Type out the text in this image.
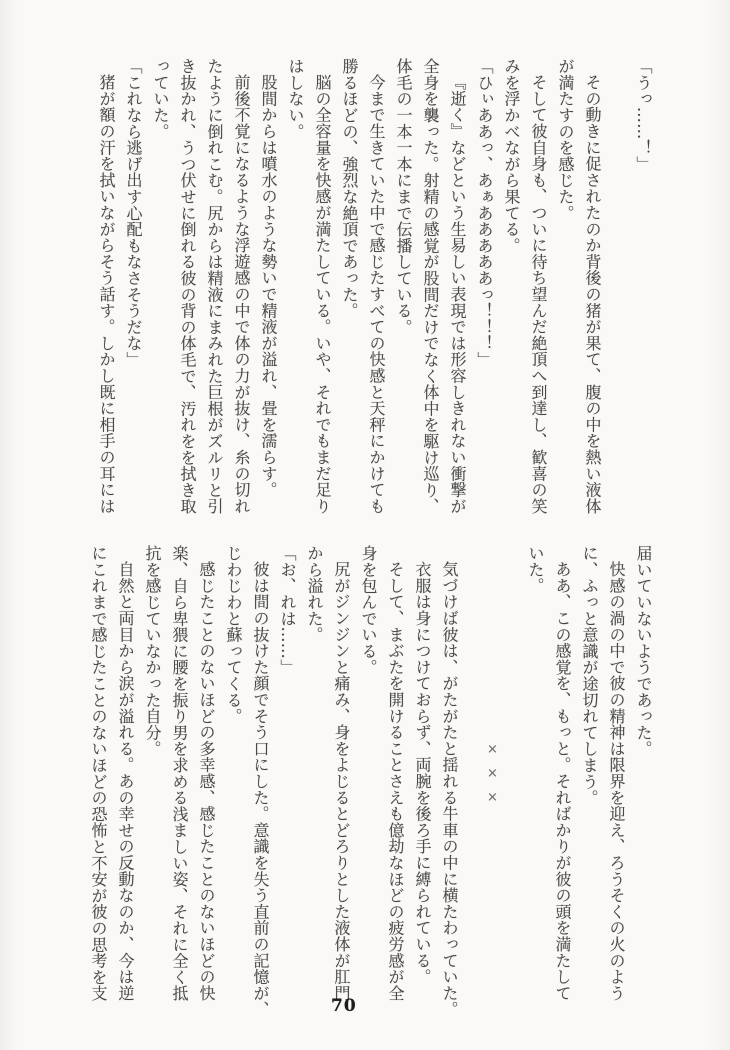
「うっ……！」

その動きに促されたのか背後の猪が果て、腹の中を熱い液体

が満たすのを感じた。

そして彼自身も、ついに待ち望んだ絶頂へ到達し、歓喜の笑

みを浮かべながら果てる。

「ひぃああっ、あぁあああああっ！！！」

『逝く』などという生易しい表現では形容しきれない衝撃が

全身を襲った。射精の感覚が股間だけでなく体中を駆け巡り、

体毛の一本一本にまで伝播している。

今まで生きていた中で感じたすべての快感と天秤にかけても

勝るほどの、強烈な絶頂であった。

脳の全容量を快感が満たしている。いや、それでもまだ足り

はしない。

股間からは噴水のような勢いで精液が溢れ、畳を濡らす。

前後不覚になるような浮遊感の中で体の力が抜け、糸の切れ

たように倒れこむ。尻からは精液にまみれた巨根がズルリと引

き抜かれ、うつ伏せに倒れる彼の背の体毛で、汚れをを拭き取

っていた。

「これなら逃げ出す心配もなさそうだな」

猪が額の汗を拭いながらそう話す。しかし既に相手の耳には

届いていないようであった。

快感の渦の中で彼の精神は限界を迎え、ろうそくの火のよう

に、ふっと意識が途切れてしまう。

ああ、この感覚を、もっと。そればかりが彼の頭を満たして

いた。

×××

気づけば彼は、がたがたと揺れる牛車の中に横たわっていた。

衣服は身につけておらず、両腕を後ろ手に縛られている。

そして、まぶたを開けることさえも億劫なほどの疲労感が全

身を包んでいる。

尻がジンジンと痛み、身をよじるとどろりとした液体が肛門

から溢れた。

「お、れは……」

彼は間の抜けた顔でそう口にした。意識を失う直前の記憶が、

じわじわと蘇ってくる。

感じたことのないほどの多幸感、感じたことのないほどの快

楽、自ら卑猥に腰を振り男を求める浅ましい姿、それに全く抵

抗を感じていなかった自分。

自然と両目から涙が溢れる。あの幸せの反動なのか、今は逆

にこれまで感じたことのないほどの恐怖と不安が彼の思考を支

70
